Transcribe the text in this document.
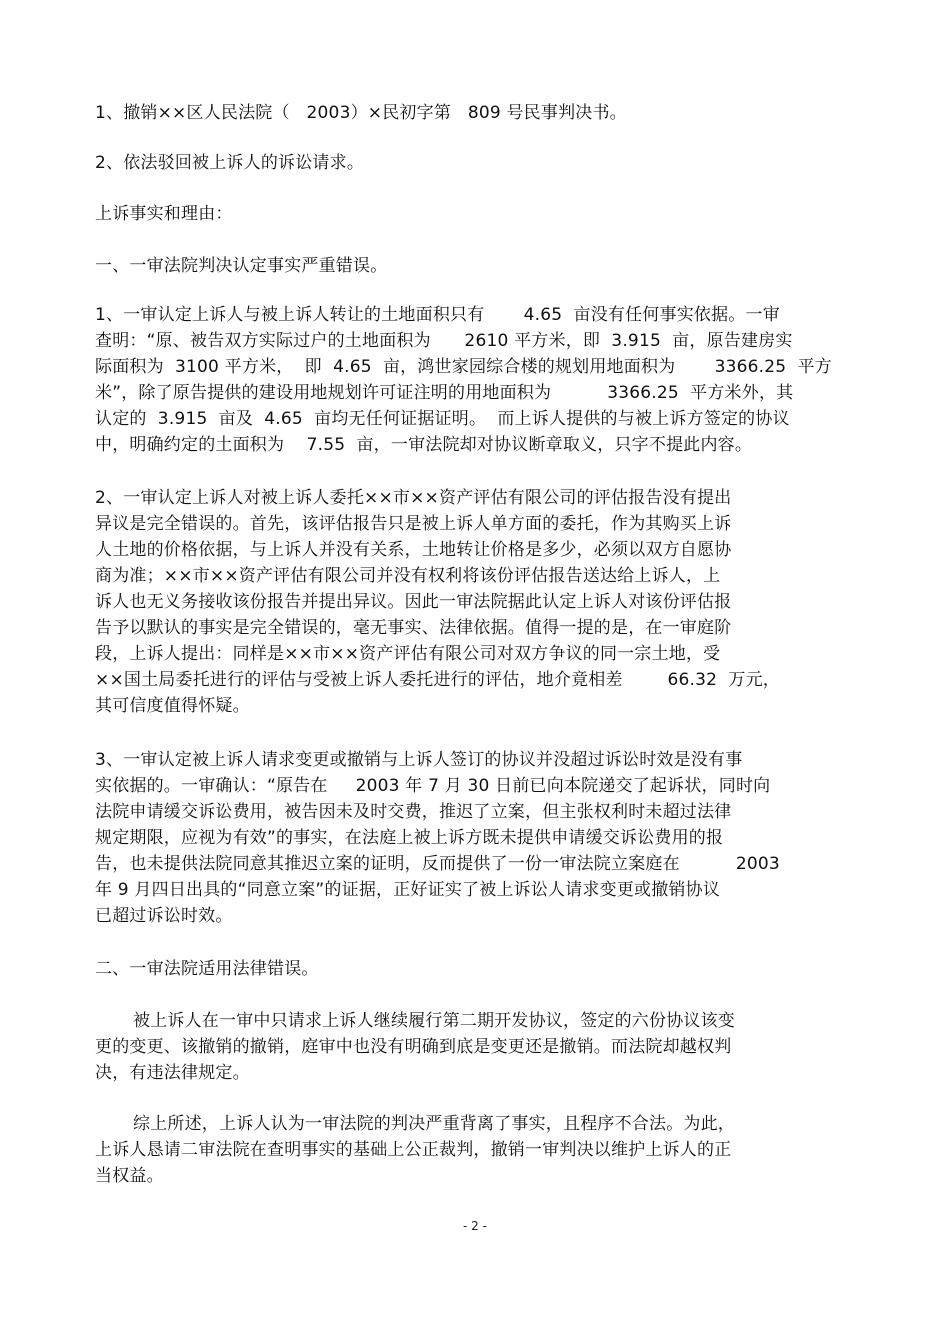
1、撤销××区人民法院（   2003）×民初字第   809 号民事判决书。
2、依法驳回被上诉人的诉讼请求。
上诉事实和理由：
一、一审法院判决认定事实严重错误。
1、一审认定上诉人与被上诉人转让的土地面积只有       4.65  亩没有任何事实依据。一审
查明：“原、被告双方实际过户的土地面积为      2610 平方米，即  3.915  亩，原告建房实
际面积为  3100 平方米，  即  4.65  亩，鸿世家园综合楼的规划用地面积为       3366.25  平方
米”，除了原告提供的建设用地规划许可证注明的用地面积为          3366.25  平方米外，其
认定的  3.915  亩及  4.65  亩均无任何证据证明。  而上诉人提供的与被上诉方签定的协议
中，明确约定的土面积为    7.55  亩，一审法院却对协议断章取义，只字不提此内容。
2、一审认定上诉人对被上诉人委托××市××资产评估有限公司的评估报告没有提出
异议是完全错误的。首先，该评估报告只是被上诉人单方面的委托，作为其购买上诉
人土地的价格依据，与上诉人并没有关系，土地转让价格是多少，必须以双方自愿协
商为准；××市××资产评估有限公司并没有权利将该份评估报告送达给上诉人，上
诉人也无义务接收该份报告并提出异议。因此一审法院据此认定上诉人对该份评估报
告予以默认的事实是完全错误的，毫无事实、法律依据。值得一提的是，在一审庭阶
段，上诉人提出：同样是××市××资产评估有限公司对双方争议的同一宗土地，受
××国土局委托进行的评估与受被上诉人委托进行的评估，地介竟相差        66.32  万元，
其可信度值得怀疑。
3、一审认定被上诉人请求变更或撤销与上诉人签订的协议并没超过诉讼时效是没有事
实依据的。一审确认：“原告在     2003 年 7 月 30 日前已向本院递交了起诉状，同时向
法院申请缓交诉讼费用，被告因未及时交费，推迟了立案，但主张权利时未超过法律
规定期限，应视为有效”的事实，在法庭上被上诉方既未提供申请缓交诉讼费用的报
告，也未提供法院同意其推迟立案的证明，反而提供了一份一审法院立案庭在          2003
年 9 月四日出具的“同意立案”的证据，正好证实了被上诉讼人请求变更或撤销协议
已超过诉讼时效。
二、一审法院适用法律错误。
被上诉人在一审中只请求上诉人继续履行第二期开发协议，签定的六份协议该变
更的变更、该撤销的撤销，庭审中也没有明确到底是变更还是撤销。而法院却越权判
决，有违法律规定。
综上所述，上诉人认为一审法院的判决严重背离了事实，且程序不合法。为此，
上诉人恳请二审法院在查明事实的基础上公正裁判，撤销一审判决以维护上诉人的正
当权益。
- 2 -
